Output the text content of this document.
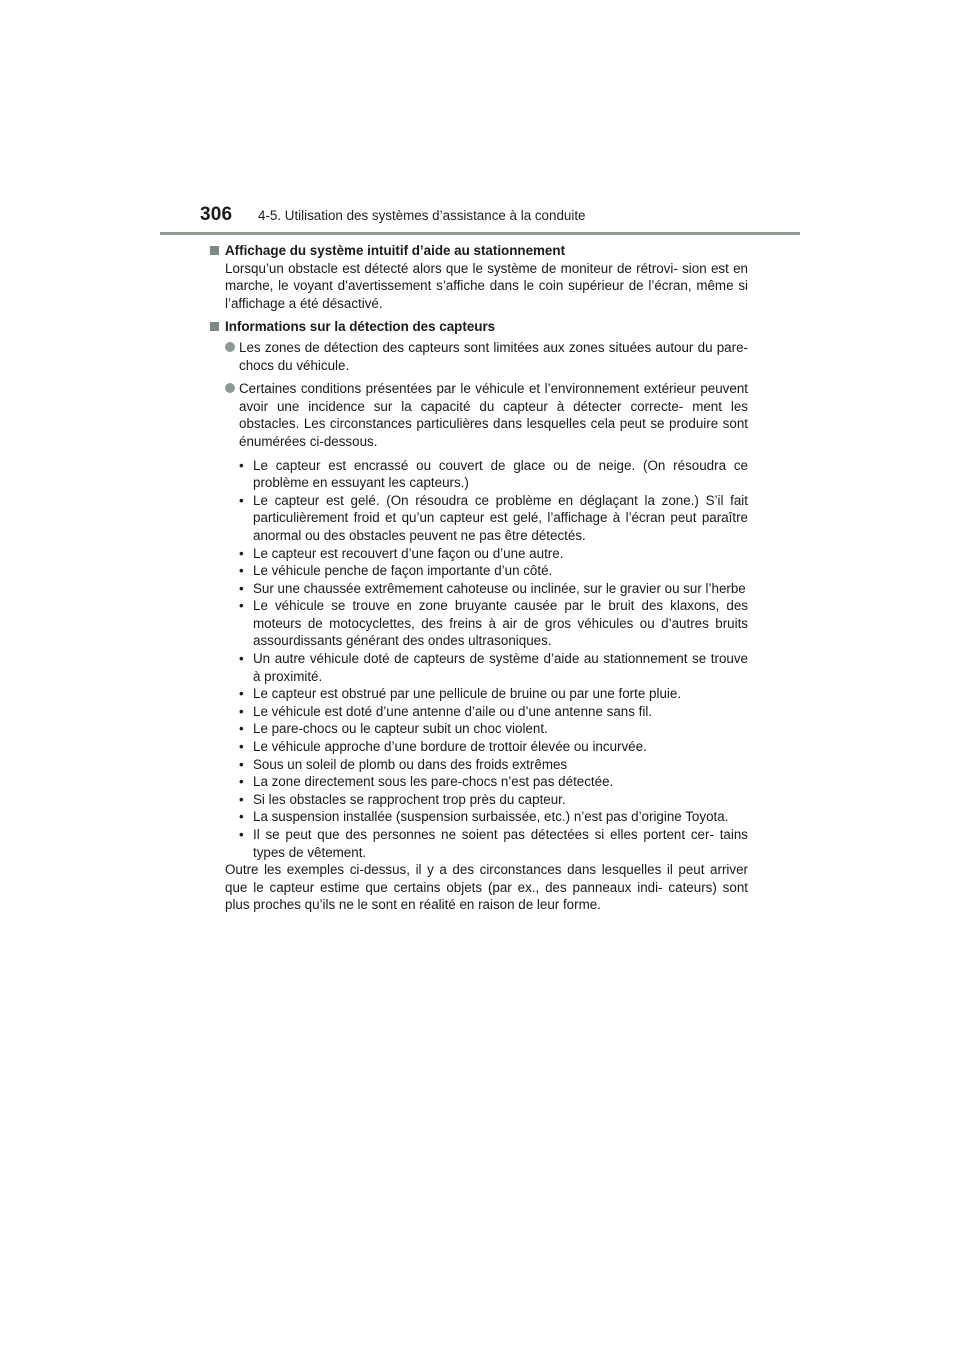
306 4-5. Utilisation des systèmes d’assistance à la conduite
Affichage du système intuitif d’aide au stationnement

Lorsqu’un obstacle est détecté alors que le système de moniteur de rétrovi- sion est en marche, le voyant d’avertissement s’affiche dans le coin supérieur de l’écran, même si l’affichage a été désactivé.

Informations sur la détection des capteurs
Les zones de détection des capteurs sont limitées aux zones situées autour du pare-chocs du véhicule.
Certaines conditions présentées par le véhicule et l’environnement extérieur peuvent avoir une incidence sur la capacité du capteur à détecter correcte- ment les obstacles. Les circonstances particulières dans lesquelles cela peut se produire sont énumérées ci-dessous.
• Le capteur est encrassé ou couvert de glace ou de neige. (On résoudra ce problème en essuyant les capteurs.)
• Le capteur est gelé. (On résoudra ce problème en déglaçant la zone.) S’il fait particulièrement froid et qu’un capteur est gelé, l’affichage à l’écran peut paraître anormal ou des obstacles peuvent ne pas être détectés.
• Le capteur est recouvert d’une façon ou d’une autre.
• Le véhicule penche de façon importante d’un côté.
• Sur une chaussée extrêmement cahoteuse ou inclinée, sur le gravier ou sur l’herbe
• Le véhicule se trouve en zone bruyante causée par le bruit des klaxons, des moteurs de motocyclettes, des freins à air de gros véhicules ou d’autres bruits assourdissants générant des ondes ultrasoniques.
• Un autre véhicule doté de capteurs de système d’aide au stationnement se trouve à proximité.
• Le capteur est obstrué par une pellicule de bruine ou par une forte pluie.
• Le véhicule est doté d’une antenne d’aile ou d’une antenne sans fil.
• Le pare-chocs ou le capteur subit un choc violent.
• Le véhicule approche d’une bordure de trottoir élevée ou incurvée.
• Sous un soleil de plomb ou dans des froids extrêmes
• La zone directement sous les pare-chocs n’est pas détectée.
• Si les obstacles se rapprochent trop près du capteur.
• La suspension installée (suspension surbaissée, etc.) n’est pas d’origine Toyota.
• Il se peut que des personnes ne soient pas détectées si elles portent cer- tains types de vêtement.

Outre les exemples ci-dessus, il y a des circonstances dans lesquelles il peut arriver que le capteur estime que certains objets (par ex., des panneaux indi- cateurs) sont plus proches qu’ils ne le sont en réalité en raison de leur forme.
